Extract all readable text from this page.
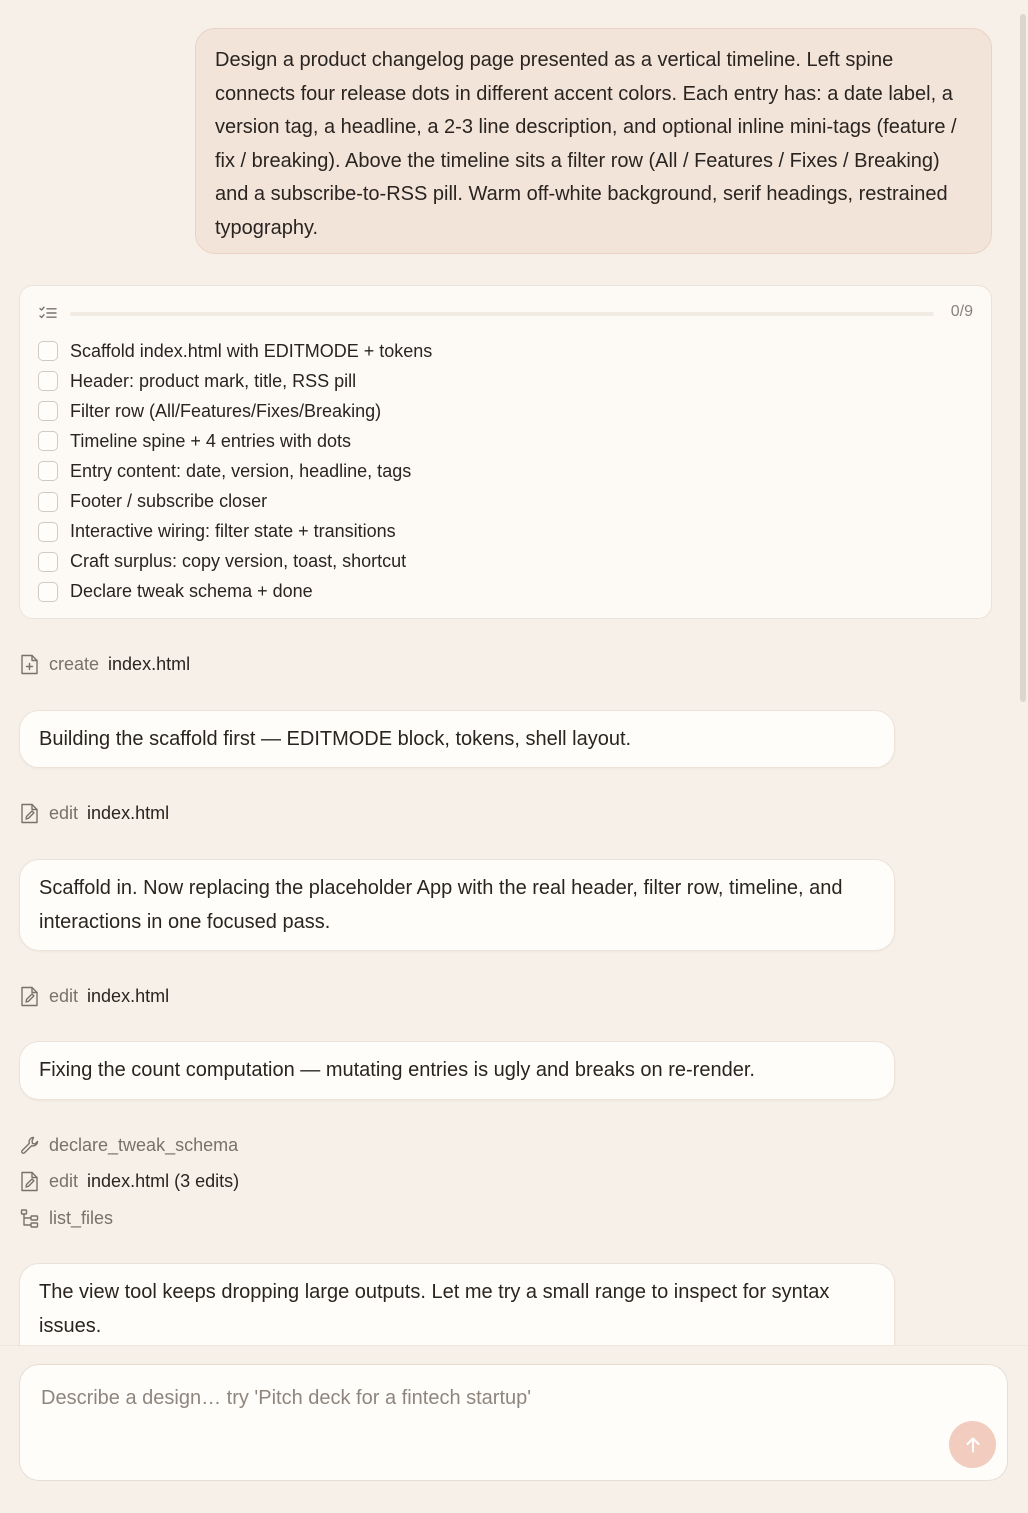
Design a product changelog page presented as a vertical timeline. Left spine connects four release dots in different accent colors. Each entry has: a date label, a version tag, a headline, a 2-3 line description, and optional inline mini-tags (feature / fix / breaking). Above the timeline sits a filter row (All / Features / Fixes / Breaking) and a subscribe-to-RSS pill. Warm off-white background, serif headings, restrained typography.
0/9
Scaffold index.html with EDITMODE + tokens
Header: product mark, title, RSS pill
Filter row (All/Features/Fixes/Breaking)
Timeline spine + 4 entries with dots
Entry content: date, version, headline, tags
Footer / subscribe closer
Interactive wiring: filter state + transitions
Craft surplus: copy version, toast, shortcut
Declare tweak schema + done
create index.html
Building the scaffold first — EDITMODE block, tokens, shell layout.
edit index.html
Scaffold in. Now replacing the placeholder App with the real header, filter row, timeline, and interactions in one focused pass.
edit index.html
Fixing the count computation — mutating entries is ugly and breaks on re-render.
declare_tweak_schema
edit index.html (3 edits)
list_files
The view tool keeps dropping large outputs. Let me try a small range to inspect for syntax issues.
Describe a design… try 'Pitch deck for a fintech startup'
